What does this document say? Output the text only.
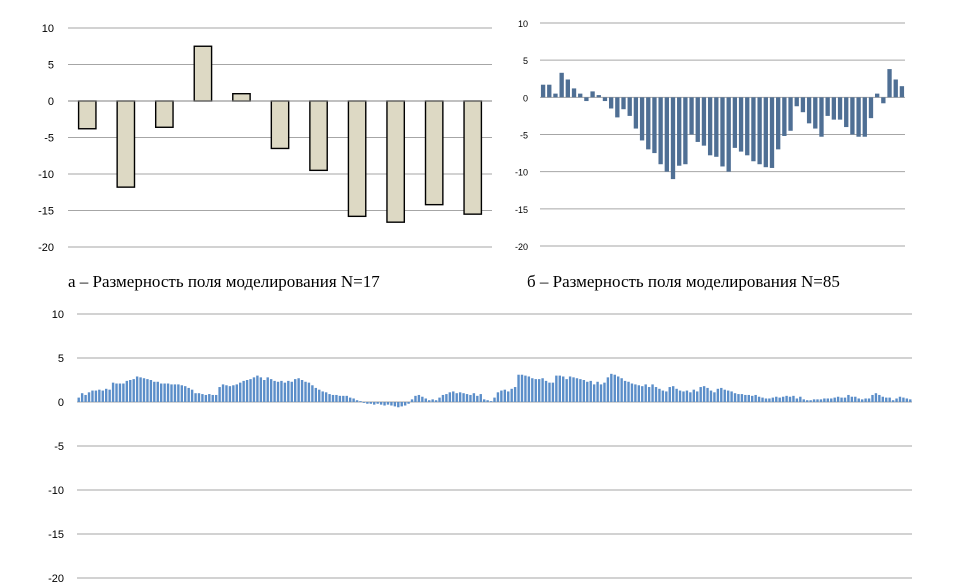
10
5
0
-5
-10
-15
-20
10
5
0
-5
-10
-15
-20
10
5
0
-5
-10
-15
-20
а – Размерность поля моделирования N=17	б – Размерность поля моделирования N=85
